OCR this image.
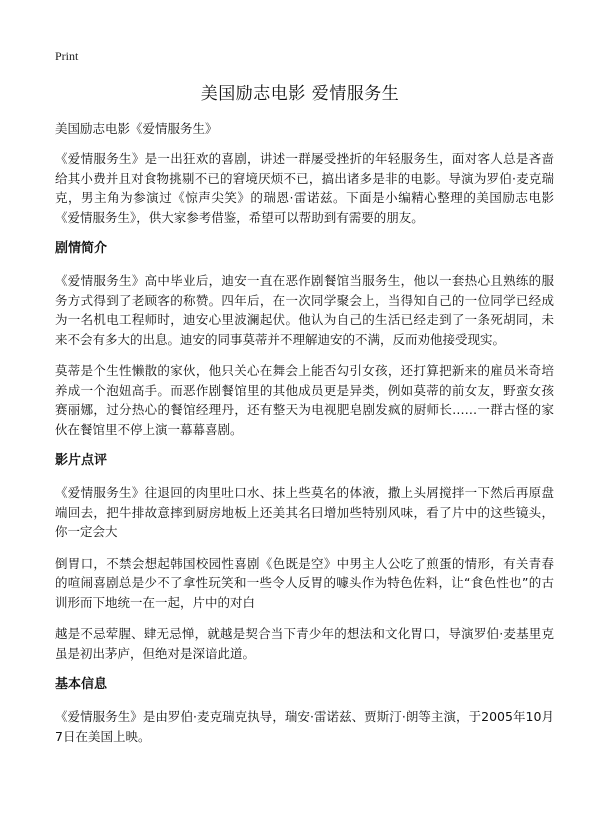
Print
美国励志电影 爱情服务生

美国励志电影《爱情服务生》

《爱情服务生》是一出狂欢的喜剧，讲述一群屡受挫折的年轻服务生，面对客人总是吝啬给其小费并且对食物挑剔不已的窘境厌烦不已，搞出诸多是非的电影。导演为罗伯·麦克瑞克，男主角为参演过《惊声尖笑》的瑞恩·雷诺兹。下面是小编精心整理的美国励志电影《爱情服务生》，供大家参考借鉴，希望可以帮助到有需要的朋友。

剧情简介

《爱情服务生》高中毕业后，迪安一直在恶作剧餐馆当服务生，他以一套热心且熟练的服务方式得到了老顾客的称赞。四年后，在一次同学聚会上，当得知自己的一位同学已经成为一名机电工程师时，迪安心里波澜起伏。他认为自己的生活已经走到了一条死胡同，未来不会有多大的出息。迪安的同事莫蒂并不理解迪安的不满，反而劝他接受现实。

莫蒂是个生性懒散的家伙，他只关心在舞会上能否勾引女孩，还打算把新来的雇员米奇培养成一个泡妞高手。而恶作剧餐馆里的其他成员更是异类，例如莫蒂的前女友，野蛮女孩赛丽娜，过分热心的餐馆经理丹，还有整天为电视肥皂剧发疯的厨师长……一群古怪的家伙在餐馆里不停上演一幕幕喜剧。

影片点评

《爱情服务生》往退回的肉里吐口水、抹上些莫名的体液，撒上头屑搅拌一下然后再原盘端回去，把牛排故意摔到厨房地板上还美其名曰增加些特别风味，看了片中的这些镜头，你一定会大

倒胃口，不禁会想起韩国校园性喜剧《色既是空》中男主人公吃了煎蛋的情形，有关青春的喧闹喜剧总是少不了拿性玩笑和一些令人反胃的噱头作为特色佐料，让“食色性也”的古训形而下地统一在一起，片中的对白

越是不忌荤腥、肆无忌惮，就越是契合当下青少年的想法和文化胃口，导演罗伯·麦基里克虽是初出茅庐，但绝对是深谙此道。

基本信息

《爱情服务生》是由罗伯·麦克瑞克执导，瑞安·雷诺兹、贾斯汀·朗等主演，于2005年10月7日在美国上映。
